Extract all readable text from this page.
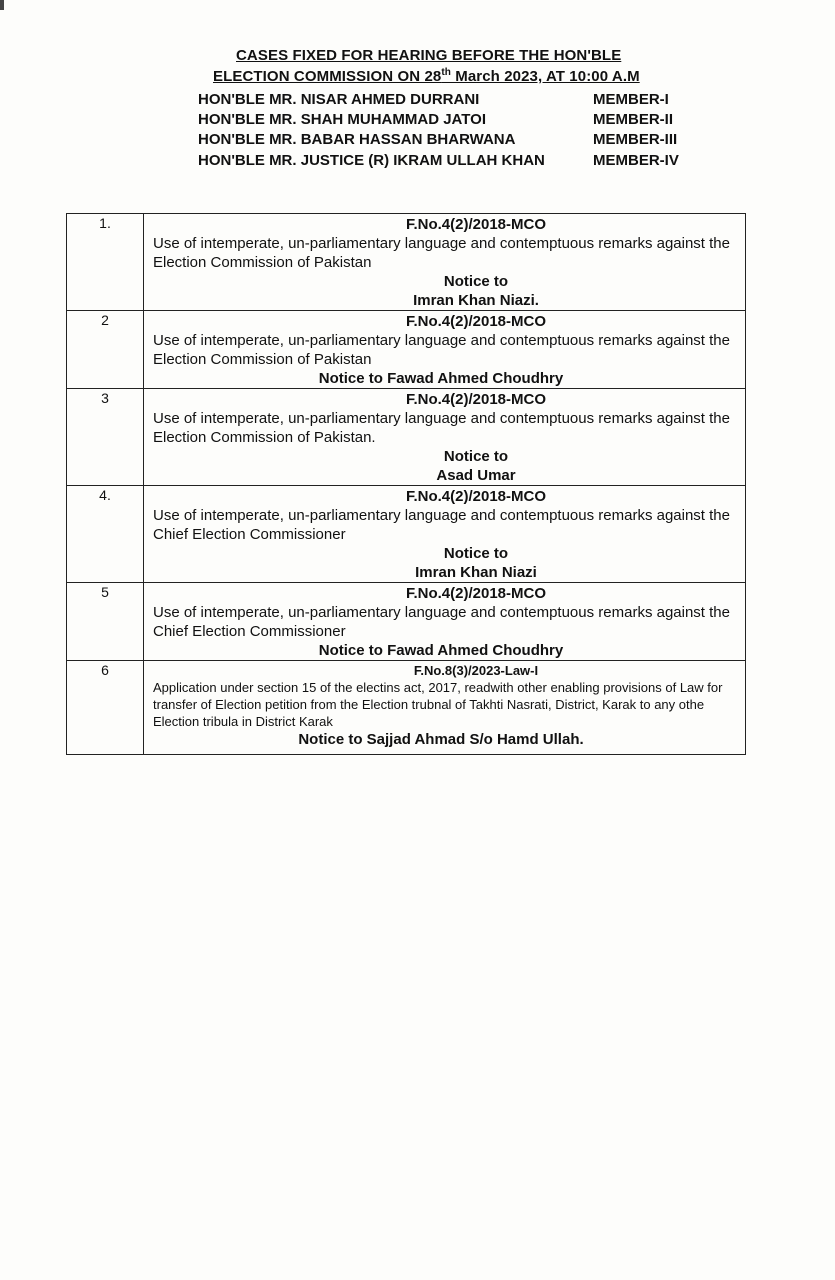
CASES FIXED FOR HEARING BEFORE THE HON'BLE
ELECTION COMMISSION ON 28th March 2023, AT 10:00 A.M
HON'BLE MR. NISAR AHMED DURRANI	MEMBER-I
HON'BLE MR. SHAH MUHAMMAD JATOI	MEMBER-II
HON'BLE MR. BABAR HASSAN BHARWANA	MEMBER-III
HON'BLE MR. JUSTICE (R) IKRAM ULLAH KHAN	MEMBER-IV
1.	F.No.4(2)/2018-MCO
Use of intemperate, un-parliamentary language and contemptuous remarks against the Election Commission of Pakistan
Notice to
Imran Khan Niazi.

2	F.No.4(2)/2018-MCO
Use of intemperate, un-parliamentary language and contemptuous remarks against the Election Commission of Pakistan
Notice to Fawad Ahmed Choudhry

3	F.No.4(2)/2018-MCO
Use of intemperate, un-parliamentary language and contemptuous remarks against the Election Commission of Pakistan.
Notice to
Asad Umar

4.	F.No.4(2)/2018-MCO
Use of intemperate, un-parliamentary language and contemptuous remarks against the Chief Election Commissioner
Notice to
Imran Khan Niazi

5	F.No.4(2)/2018-MCO
Use of intemperate, un-parliamentary language and contemptuous remarks against the Chief Election Commissioner
Notice to Fawad Ahmed Choudhry

6	F.No.8(3)/2023-Law-I
Application under section 15 of the electins act, 2017, readwith other enabling provisions of Law for transfer of Election petition from the Election trubnal of Takhti Nasrati, District, Karak to any othe Election tribula in District Karak
Notice to Sajjad Ahmad S/o Hamd Ullah.
